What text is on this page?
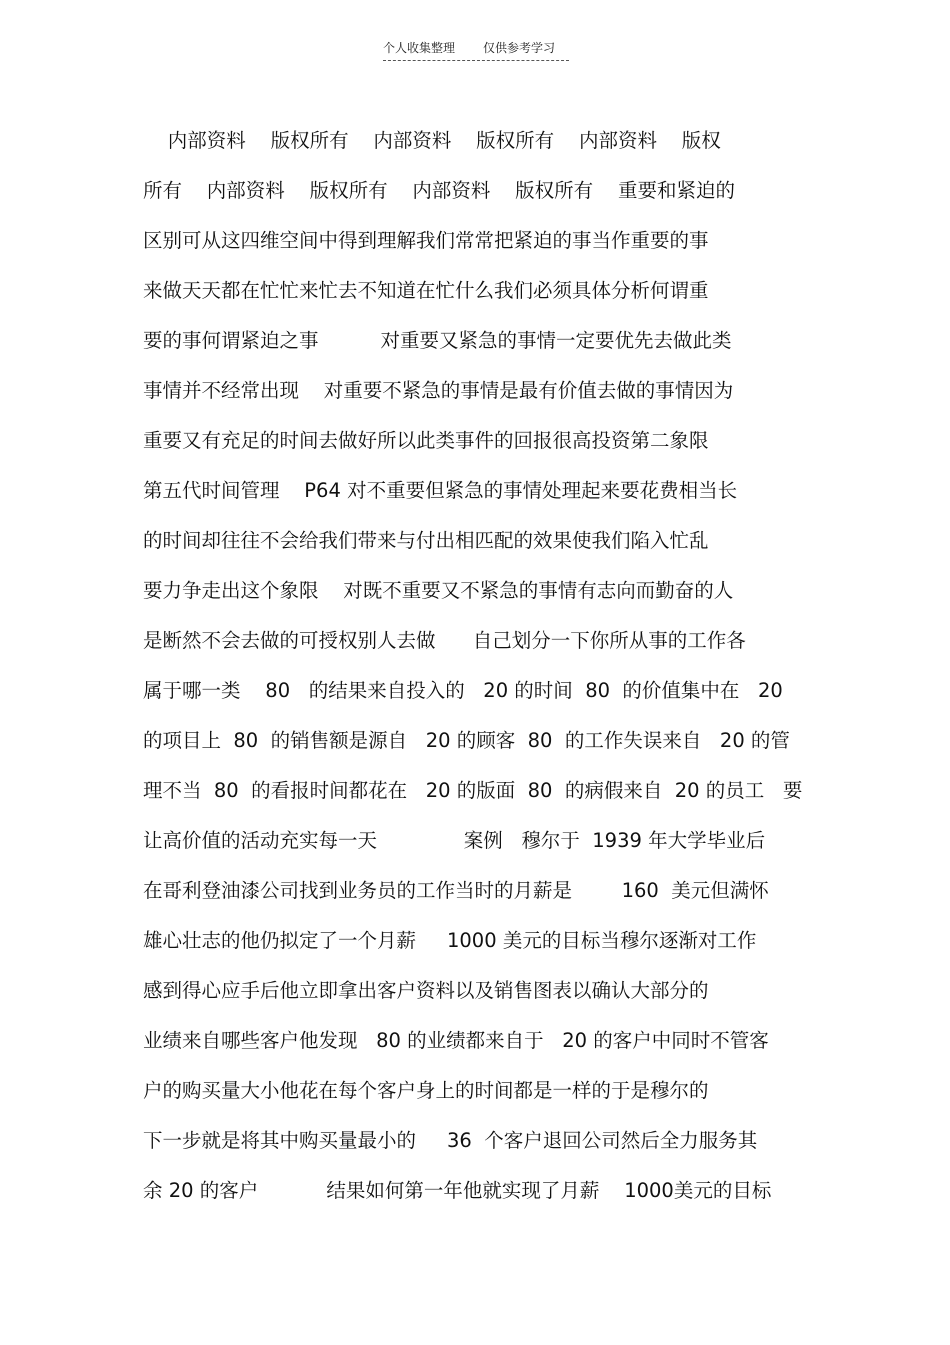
个人收集整理 仅供参考学习
内部资料    版权所有    内部资料    版权所有    内部资料    版权
所有    内部资料    版权所有    内部资料    版权所有    重要和紧迫的
区别可从这四维空间中得到理解我们常常把紧迫的事当作重要的事
来做天天都在忙忙来忙去不知道在忙什么我们必须具体分析何谓重
要的事何谓紧迫之事          对重要又紧急的事情一定要优先去做此类
事情并不经常出现    对重要不紧急的事情是最有价值去做的事情因为
重要又有充足的时间去做好所以此类事件的回报很高投资第二象限
第五代时间管理    P64 对不重要但紧急的事情处理起来要花费相当长
的时间却往往不会给我们带来与付出相匹配的效果使我们陷入忙乱
要力争走出这个象限    对既不重要又不紧急的事情有志向而勤奋的人
是断然不会去做的可授权别人去做      自己划分一下你所从事的工作各
属于哪一类    80   的结果来自投入的   20 的时间  80  的价值集中在   20
的项目上  80  的销售额是源自   20 的顾客  80  的工作失误来自   20 的管
理不当  80  的看报时间都花在   20 的版面  80  的病假来自  20 的员工   要
让高价值的活动充实每一天              案例   穆尔于  1939 年大学毕业后
在哥利登油漆公司找到业务员的工作当时的月薪是        160  美元但满怀
雄心壮志的他仍拟定了一个月薪     1000 美元的目标当穆尔逐渐对工作
感到得心应手后他立即拿出客户资料以及销售图表以确认大部分的
业绩来自哪些客户他发现   80 的业绩都来自于   20 的客户中同时不管客
户的购买量大小他花在每个客户身上的时间都是一样的于是穆尔的
下一步就是将其中购买量最小的     36  个客户退回公司然后全力服务其
余 20 的客户           结果如何第一年他就实现了月薪    1000美元的目标
